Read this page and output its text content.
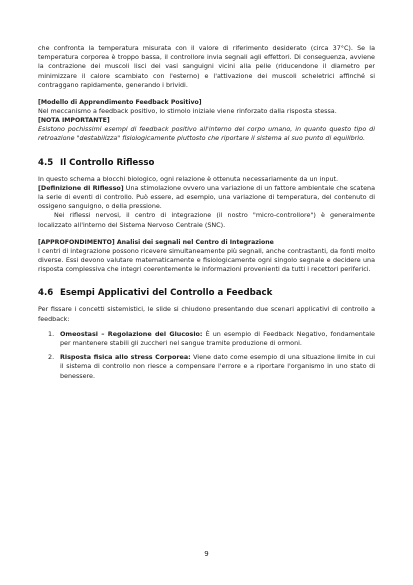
che confronta la temperatura misurata con il valore di riferimento desiderato (circa 37°C). Se la temperatura corporea è troppo bassa, il controllore invia segnali agli effettori. Di conseguenza, avviene la contrazione dei muscoli lisci dei vasi sanguigni vicini alla pelle (riducendone il diametro per minimizzare il calore scambiato con l'esterno) e l'attivazione dei muscoli scheletrici affinché si contraggano rapidamente, generando i brividi.

[Modello di Apprendimento Feedback Positivo]

Nel meccanismo a feedback positivo, lo stimolo iniziale viene rinforzato dalla risposta stessa.

[NOTA IMPORTANTE]

Esistono pochissimi esempi di feedback positivo all'interno del corpo umano, in quanto questo tipo di retroazione "destabilizza" fisiologicamente piuttosto che riportare il sistema al suo punto di equilibrio.

4.5 Il Controllo Riflesso

In questo schema a blocchi biologico, ogni relazione è ottenuta necessariamente da un input.

[Definizione di Riflesso] Una stimolazione ovvero una variazione di un fattore ambientale che scatena la serie di eventi di controllo. Può essere, ad esempio, una variazione di temperatura, del contenuto di ossigeno sanguigno, o della pressione.

Nei riflessi nervosi, il centro di integrazione (il nostro "micro-controllore") è generalmente localizzato all'interno del Sistema Nervoso Centrale (SNC).

[APPROFONDIMENTO] Analisi dei segnali nel Centro di Integrazione

I centri di integrazione possono ricevere simultaneamente più segnali, anche contrastanti, da fonti molto diverse. Essi devono valutare matematicamente e fisiologicamente ogni singolo segnale e decidere una risposta complessiva che integri coerentemente le informazioni provenienti da tutti i recettori periferici.

4.6 Esempi Applicativi del Controllo a Feedback

Per fissare i concetti sistemistici, le slide si chiudono presentando due scenari applicativi di controllo a feedback:

1. Omeostasi – Regolazione del Glucosio: È un esempio di Feedback Negativo, fondamentale per mantenere stabili gli zuccheri nel sangue tramite produzione di ormoni.

2. Risposta fisica allo stress Corporea: Viene dato come esempio di una situazione limite in cui il sistema di controllo non riesce a compensare l'errore e a riportare l'organismo in uno stato di benessere.

9
